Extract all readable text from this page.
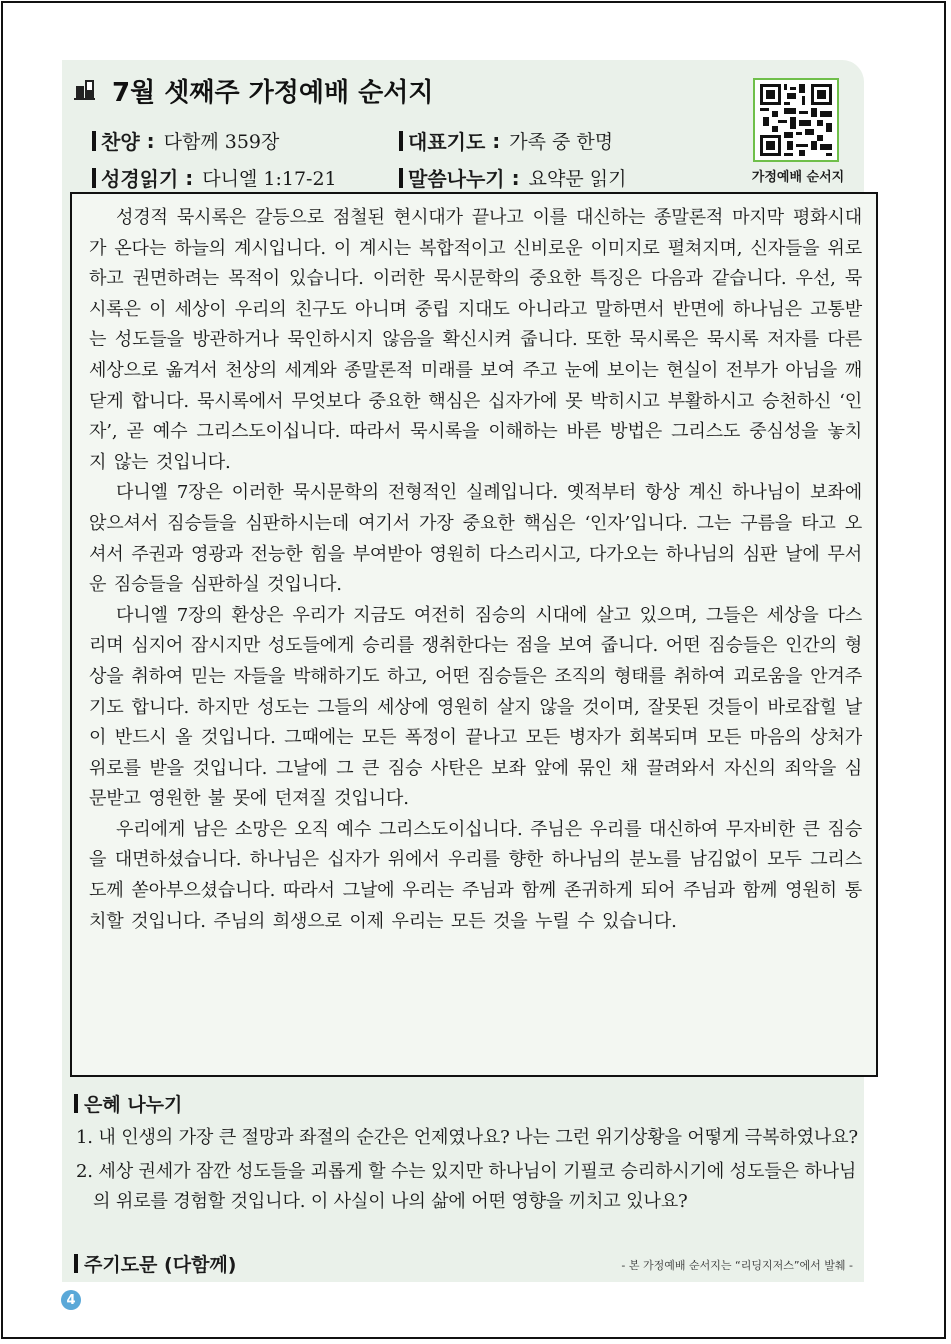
7월 셋째주 가정예배 순서지
찬양 : 다함께 359장	대표기도 : 가족 중 한명
성경읽기 : 다니엘 1:17-21	말씀나누기 : 요약문 읽기	가정예배 순서지

성경적 묵시록은 갈등으로 점철된 현시대가 끝나고 이를 대신하는 종말론적 마지막 평화시대가 온다는 하늘의 계시입니다. 이 계시는 복합적이고 신비로운 이미지로 펼쳐지며, 신자들을 위로하고 권면하려는 목적이 있습니다. 이러한 묵시문학의 중요한 특징은 다음과 같습니다. 우선, 묵시록은 이 세상이 우리의 친구도 아니며 중립 지대도 아니라고 말하면서 반면에 하나님은 고통받는 성도들을 방관하거나 묵인하시지 않음을 확신시켜 줍니다. 또한 묵시록은 묵시록 저자를 다른 세상으로 옮겨서 천상의 세계와 종말론적 미래를 보여 주고 눈에 보이는 현실이 전부가 아님을 깨닫게 합니다. 묵시록에서 무엇보다 중요한 핵심은 십자가에 못 박히시고 부활하시고 승천하신 ‘인자’, 곧 예수 그리스도이십니다. 따라서 묵시록을 이해하는 바른 방법은 그리스도 중심성을 놓치지 않는 것입니다.

다니엘 7장은 이러한 묵시문학의 전형적인 실례입니다. 옛적부터 항상 계신 하나님이 보좌에 앉으셔서 짐승들을 심판하시는데 여기서 가장 중요한 핵심은 ‘인자’입니다. 그는 구름을 타고 오셔서 주권과 영광과 전능한 힘을 부여받아 영원히 다스리시고, 다가오는 하나님의 심판 날에 무서운 짐승들을 심판하실 것입니다.

다니엘 7장의 환상은 우리가 지금도 여전히 짐승의 시대에 살고 있으며, 그들은 세상을 다스리며 심지어 잠시지만 성도들에게 승리를 쟁취한다는 점을 보여 줍니다. 어떤 짐승들은 인간의 형상을 취하여 믿는 자들을 박해하기도 하고, 어떤 짐승들은 조직의 형태를 취하여 괴로움을 안겨주기도 합니다. 하지만 성도는 그들의 세상에 영원히 살지 않을 것이며, 잘못된 것들이 바로잡힐 날이 반드시 올 것입니다. 그때에는 모든 폭정이 끝나고 모든 병자가 회복되며 모든 마음의 상처가 위로를 받을 것입니다. 그날에 그 큰 짐승 사탄은 보좌 앞에 묶인 채 끌려와서 자신의 죄악을 심문받고 영원한 불 못에 던져질 것입니다.

우리에게 남은 소망은 오직 예수 그리스도이십니다. 주님은 우리를 대신하여 무자비한 큰 짐승을 대면하셨습니다. 하나님은 십자가 위에서 우리를 향한 하나님의 분노를 남김없이 모두 그리스도께 쏟아부으셨습니다. 따라서 그날에 우리는 주님과 함께 존귀하게 되어 주님과 함께 영원히 통치할 것입니다. 주님의 희생으로 이제 우리는 모든 것을 누릴 수 있습니다.

은혜 나누기
1. 내 인생의 가장 큰 절망과 좌절의 순간은 언제였나요? 나는 그런 위기상황을 어떻게 극복하였나요?
2. 세상 권세가 잠깐 성도들을 괴롭게 할 수는 있지만 하나님이 기필코 승리하시기에 성도들은 하나님의 위로를 경험할 것입니다. 이 사실이 나의 삶에 어떤 영향을 끼치고 있나요?
주기도문 (다함께)	- 본 가정예배 순서지는 “리딩지저스”에서 발췌 -
4
